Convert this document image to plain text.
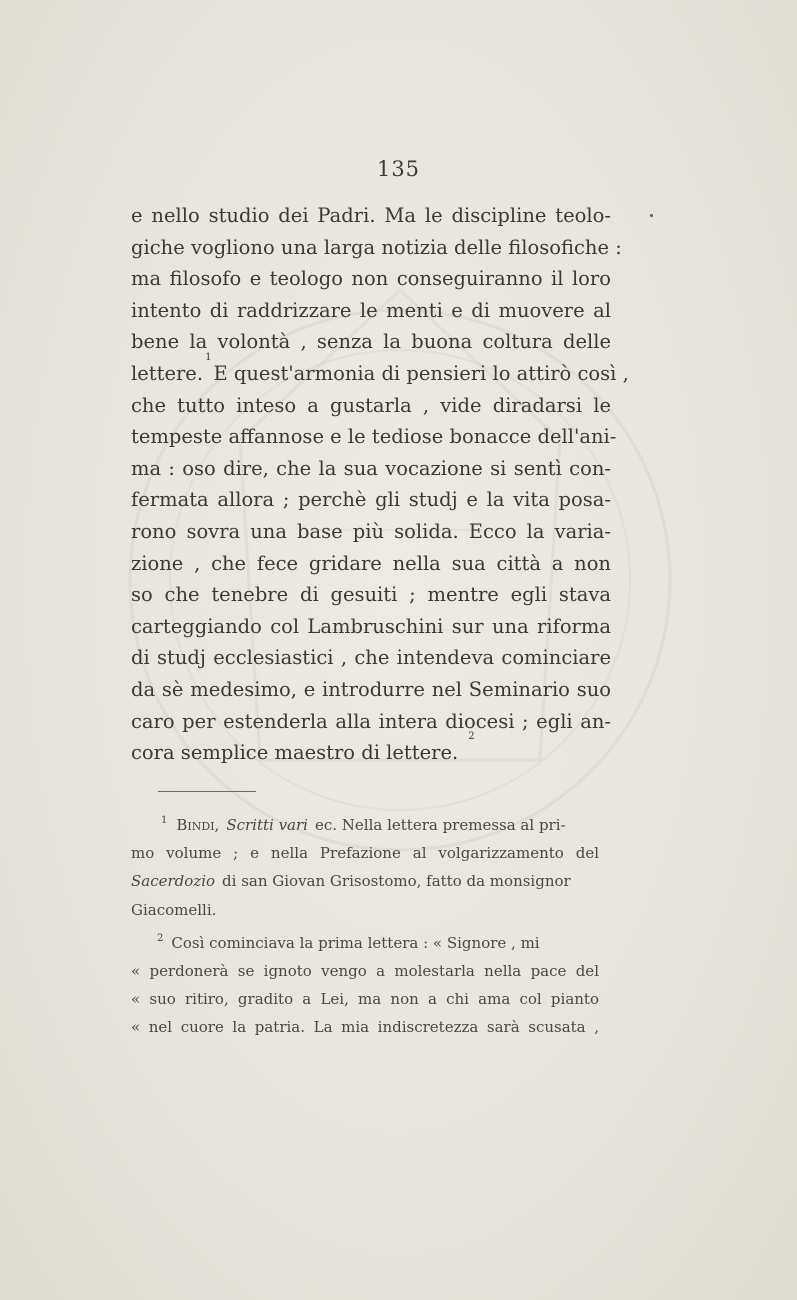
135
e nello studio dei Padri. Ma le discipline teolo-
giche vogliono una larga notizia delle filosofiche :
ma filosofo e teologo non conseguiranno il loro
intento di raddrizzare le menti e di muovere al
bene la volontà , senza la buona coltura delle
lettere.
1
E quest'armonia di pensieri lo attirò così ,
che tutto inteso a gustarla , vide diradarsi le
tempeste affannose e le tediose bonacce dell'ani-
ma : oso dire, che la sua vocazione si sentì con-
fermata allora ; perchè gli studj e la vita posa-
rono sovra una base più solida. Ecco la varia-
zione , che fece gridare nella sua città a non
so che tenebre di gesuiti ; mentre egli stava
carteggiando col Lambruschini sur una riforma
di studj ecclesiastici , che intendeva cominciare
da sè medesimo, e introdurre nel Seminario suo
caro per estenderla alla intera diocesi ; egli an-
cora semplice maestro di lettere.
2
$^1$ Bindi, Scritti vari ec. Nella lettera premessa al pri-
mo volume ; e nella Prefazione al volgarizzamento del
Sacerdozio di san Giovan Grisostomo, fatto da monsignor
Giacomelli.
$^2$ Così cominciava la prima lettera : « Signore , mi
« perdonerà se ignoto vengo a molestarla nella pace del
« suo ritiro, gradito a Lei, ma non a chi ama col pianto
« nel cuore la patria. La mia indiscretezza sarà scusata ,
